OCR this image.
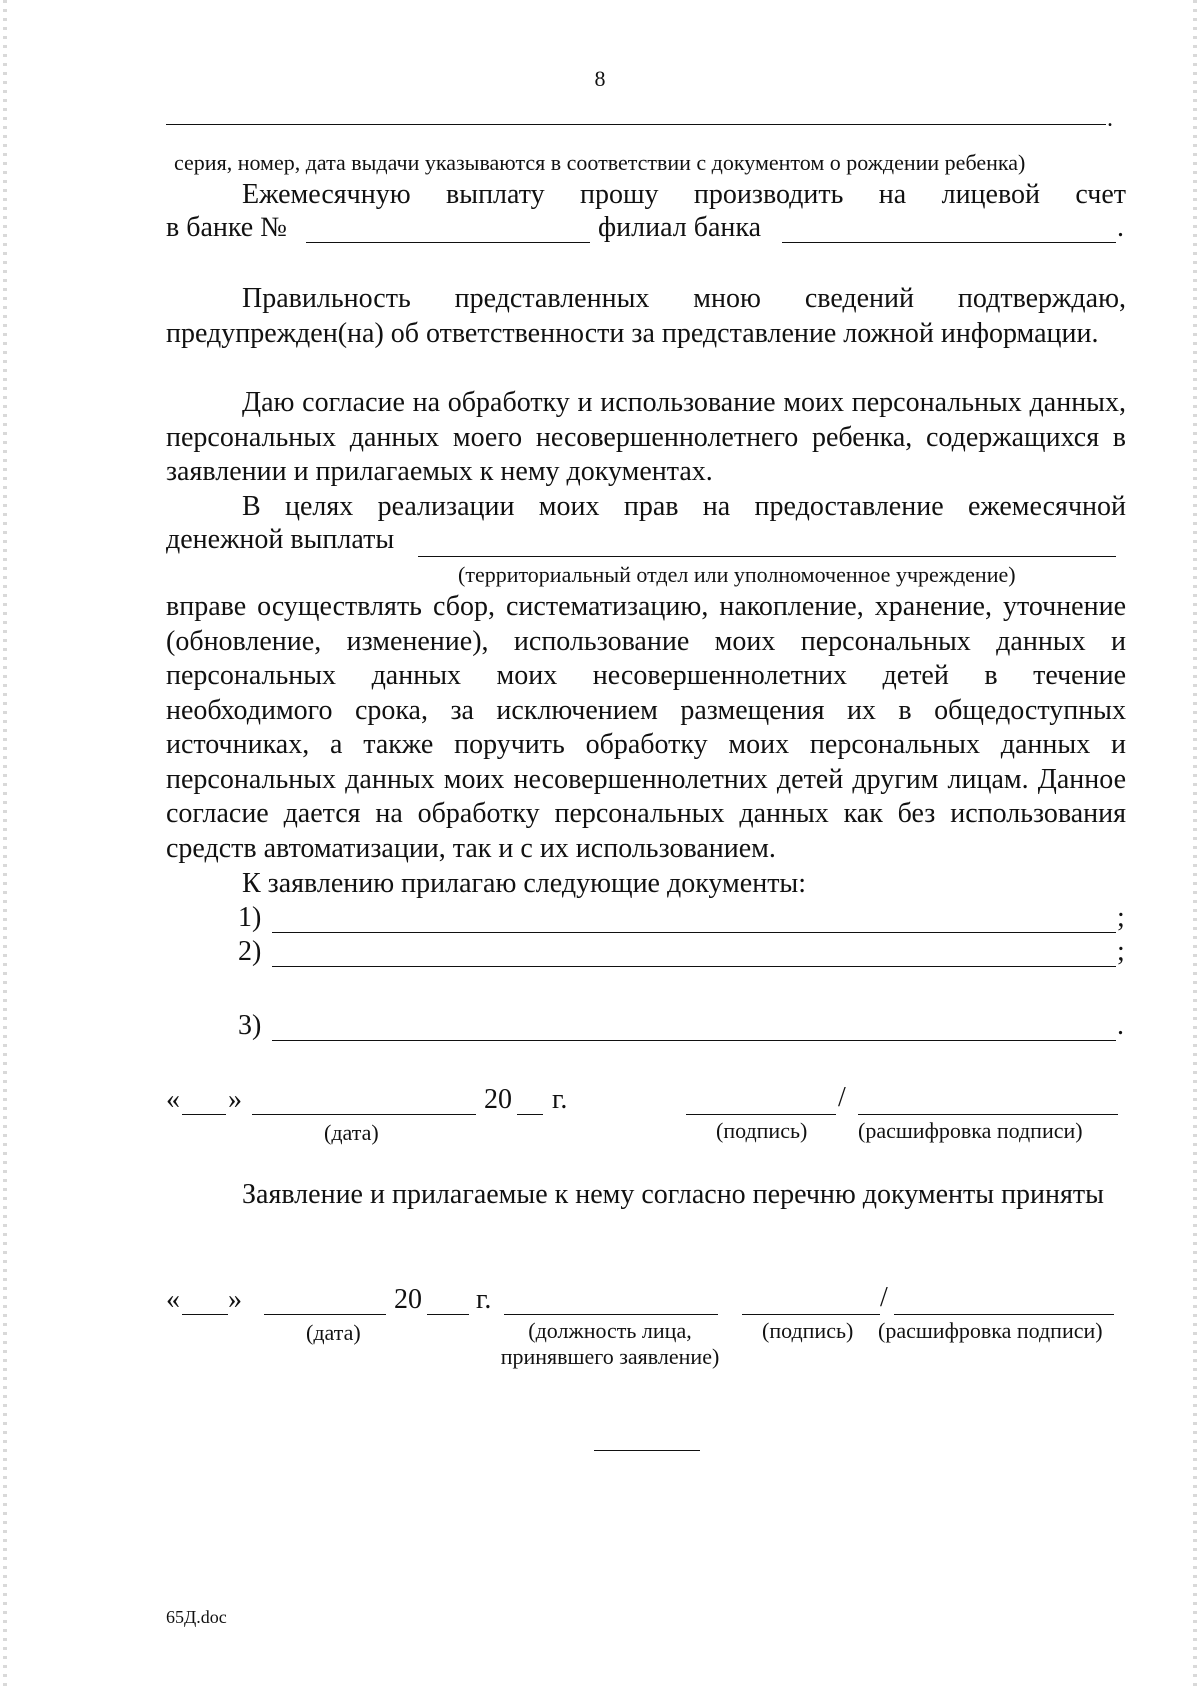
8
.
серия, номер, дата выдачи указываются в соответствии с документом о рождении ребенка)
Ежемесячную выплату прошу производить на лицевой счет
в банке №	филиал банка	.
Правильность представленных мною сведений подтверждаю, предупрежден(на) об ответственности за представление ложной информации.
Даю согласие на обработку и использование моих персональных данных, персональных данных моего несовершеннолетнего ребенка, содержащихся в заявлении и прилагаемых к нему документах.
В целях реализации моих прав на предоставление ежемесячной
денежной выплаты
(территориальный отдел или уполномоченное учреждение)
вправе осуществлять сбор, систематизацию, накопление, хранение, уточнение (обновление, изменение), использование моих персональных данных и персональных данных моих несовершеннолетних детей в течение необходимого срока, за исключением размещения их в общедоступных источниках, а также поручить обработку моих персональных данных и персональных данных моих несовершеннолетних детей другим лицам. Данное согласие дается на обработку персональных данных как без использования средств автоматизации, так и с их использованием.
К заявлению прилагаю следующие документы:
1)	;
2)	;
3)	.
« »	20 г.	/
(дата)	(подпись) (расшифровка подписи)
Заявление и прилагаемые к нему согласно перечню документы приняты
« »	20 г.	/
(дата)	(должность лица,
принявшего заявление)
(подпись) (расшифровка подписи)
65Д.doc
